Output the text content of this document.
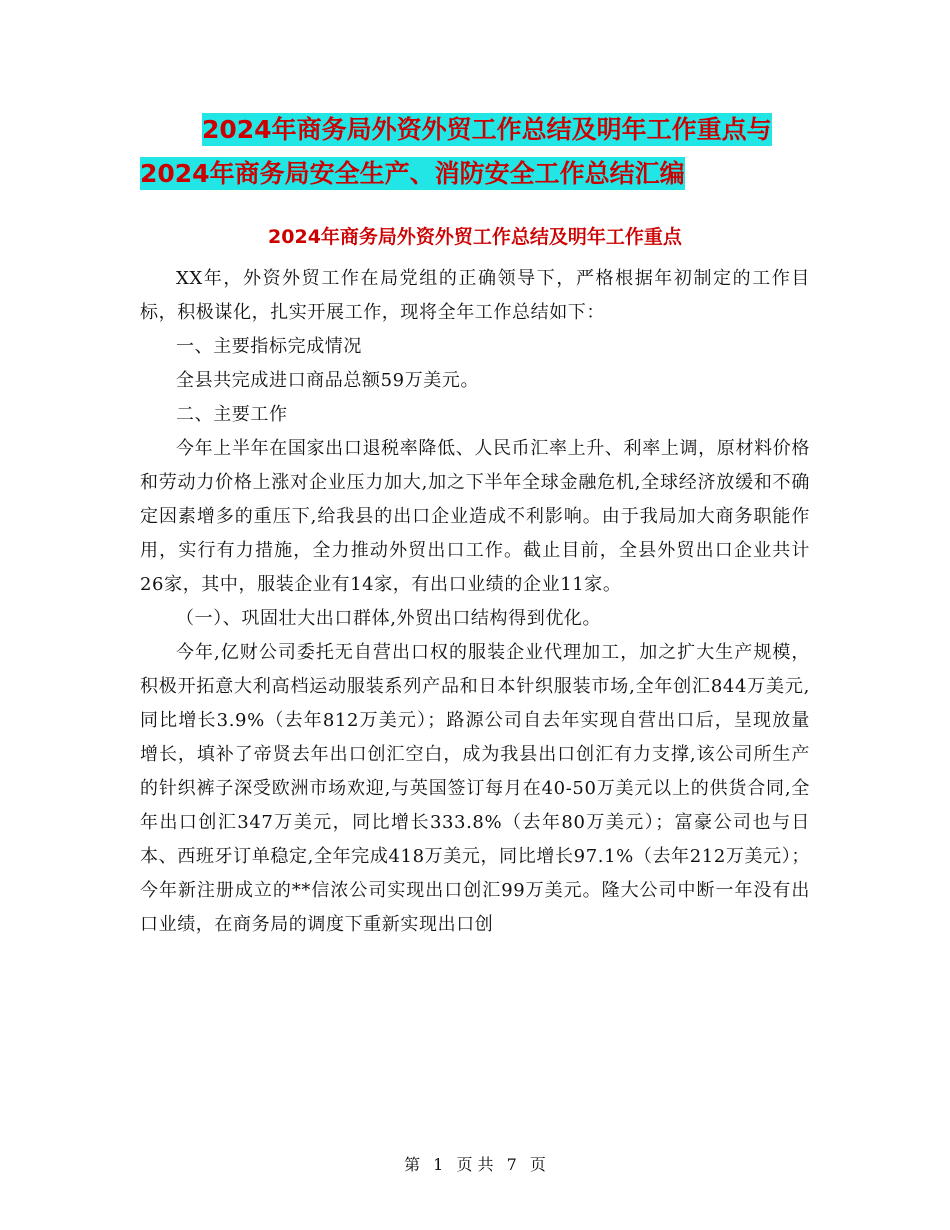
2024年商务局外资外贸工作总结及明年工作重点与
2024年商务局安全生产、消防安全工作总结汇编
2024年商务局外资外贸工作总结及明年工作重点

XX年，外资外贸工作在局党组的正确领导下，严格根据年初制定的工作目标，积极谋化，扎实开展工作，现将全年工作总结如下：

一、主要指标完成情况

全县共完成进口商品总额59万美元。

二、主要工作

今年上半年在国家出口退税率降低、人民币汇率上升、利率上调，原材料价格和劳动力价格上涨对企业压力加大,加之下半年全球金融危机,全球经济放缓和不确定因素增多的重压下,给我县的出口企业造成不利影响。由于我局加大商务职能作用，实行有力措施，全力推动外贸出口工作。截止目前，全县外贸出口企业共计26家，其中，服装企业有14家，有出口业绩的企业11家。

（一）、巩固壮大出口群体,外贸出口结构得到优化。

今年,亿财公司委托无自营出口权的服装企业代理加工，加之扩大生产规模，积极开拓意大利高档运动服装系列产品和日本针织服装市场,全年创汇844万美元,同比增长3.9%（去年812万美元）；路源公司自去年实现自营出口后，呈现放量增长，填补了帝贤去年出口创汇空白，成为我县出口创汇有力支撑,该公司所生产的针织裤子深受欧洲市场欢迎,与英国签订每月在40-50万美元以上的供货合同,全年出口创汇347万美元，同比增长333.8%（去年80万美元）；富豪公司也与日本、西班牙订单稳定,全年完成418万美元，同比增长97.1%（去年212万美元）；今年新注册成立的**信浓公司实现出口创汇99万美元。隆大公司中断一年没有出口业绩，在商务局的调度下重新实现出口创

第 1 页 共 7 页
